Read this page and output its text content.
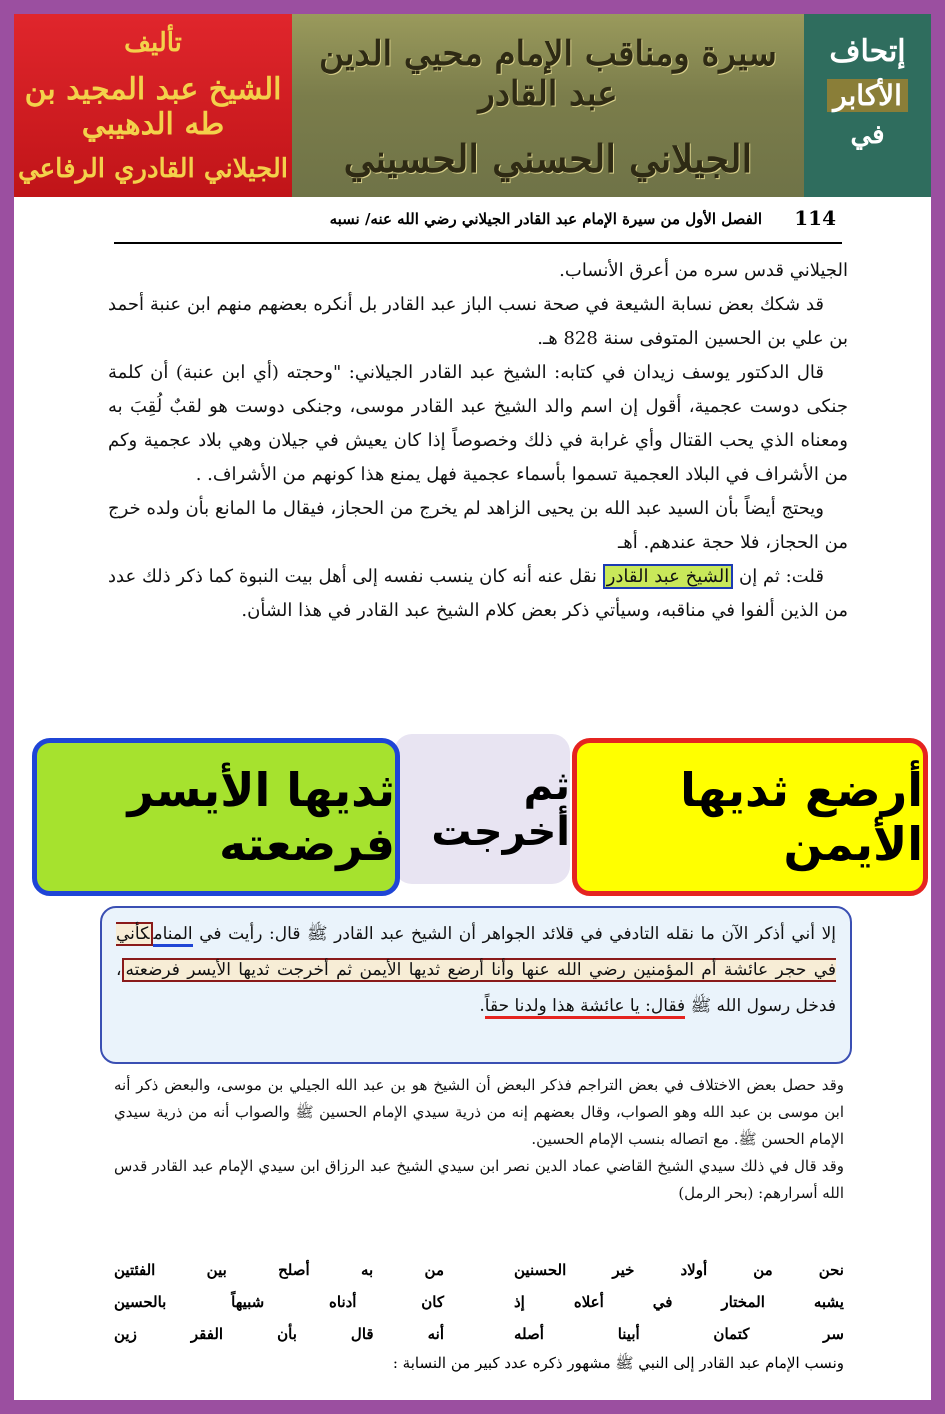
تأليف
الشيخ عبد المجيد بن طه الدهيبي
الجيلاني القادري الرفاعي
سيرة ومناقب الإمام محيي الدين عبد القادر
الجيلاني الحسني الحسيني
إتحاف
الأكابر
في
114
الفصل الأول من سيرة الإمام عبد القادر الجيلاني رضي الله عنه/ نسبه

الجيلاني قدس سره من أعرق الأنساب.

قد شكك بعض نسابة الشيعة في صحة نسب الباز عبد القادر بل أنكره بعضهم منهم ابن عنبة أحمد بن علي بن الحسين المتوفى سنة 828 هـ.

قال الدكتور يوسف زيدان في كتابه: الشيخ عبد القادر الجيلاني: "وحجته (أي ابن عنبة) أن كلمة جنكى دوست عجمية، أقول إن اسم والد الشيخ عبد القادر موسى، وجنكى دوست هو لقبٌ لُقِبَ به ومعناه الذي يحب القتال وأي غرابة في ذلك وخصوصاً إذا كان يعيش في جيلان وهي بلاد عجمية وكم من الأشراف في البلاد العجمية تسموا بأسماء عجمية فهل يمنع هذا كونهم من الأشراف. .

ويحتج أيضاً بأن السيد عبد الله بن يحيى الزاهد لم يخرج من الحجاز، فيقال ما المانع بأن ولده خرج من الحجاز، فلا حجة عندهم. أهـ

قلت: ثم إن الشيخ عبد القادر نقل عنه أنه كان ينسب نفسه إلى أهل بيت النبوة كما ذكر ذلك عدد من الذين ألفوا في مناقبه، وسيأتي ذكر بعض كلام الشيخ عبد القادر في هذا الشأن.

أرضع ثديها الأيمن
ثم أخرجت
ثديها الأيسر فرضعته
إلا أني أذكر الآن ما نقله التادفي في قلائد الجواهر أن الشيخ عبد القادر ﷺ قال: رأيت في المنامكأني في حجر عائشة أم المؤمنين رضي الله عنها وأنا أرضع ثديها الأيمن ثم أخرجت ثديها الأيسر فرضعته، فدخل رسول الله ﷺ فقال: يا عائشة هذا ولدنا حقاً.

وقد حصل بعض الاختلاف في بعض التراجم فذكر البعض أن الشيخ هو بن عبد الله الجيلي بن موسى، والبعض ذكر أنه ابن موسى بن عبد الله وهو الصواب، وقال بعضهم إنه من ذرية سيدي الإمام الحسين ﷺ والصواب أنه من ذرية سيدي الإمام الحسن ﷺ. مع اتصاله بنسب الإمام الحسين.

وقد قال في ذلك سيدي الشيخ القاضي عماد الدين نصر ابن سيدي الشيخ عبد الرزاق ابن سيدي الإمام عبد القادر قدس الله أسرارهم: (بحر الرمل)

نحن من أولاد خير الحسنين
من به أصلح بين الفئتين
يشبه المختار في أعلاه إذ
كان أدناه شبيهاً بالحسين
سر كتمان أبينا أصله
أنه قال بأن الفقر زين
ونسب الإمام عبد القادر إلى النبي ﷺ مشهور ذكره عدد كبير من النسابة :
